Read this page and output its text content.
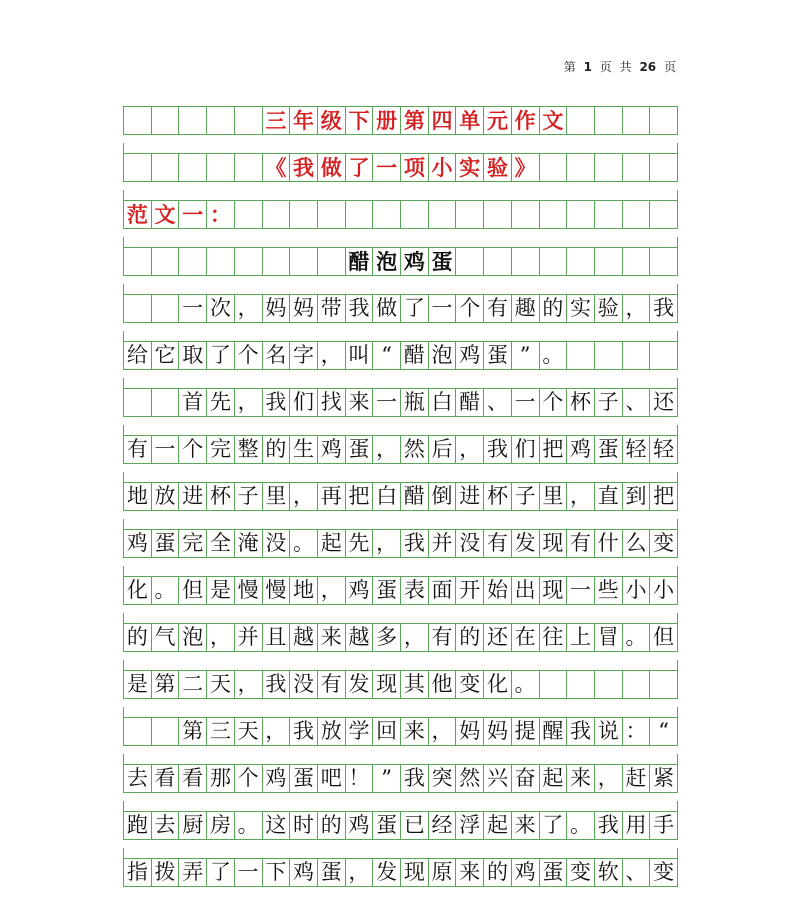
第 1 页 共 26 页
三 年 级 下 册 第 四 单 元 作 文
《 我 做 了 一 项 小 实 验 》
范 文 一 ：
醋 泡 鸡 蛋
一 次 ， 妈 妈 带 我 做 了 一 个 有 趣 的 实 验 ， 我
给 它 取 了 个 名 字 ， 叫 “ 醋 泡 鸡 蛋 ” 。
首 先 ， 我 们 找 来 一 瓶 白 醋 、 一 个 杯 子 、 还
有 一 个 完 整 的 生 鸡 蛋 ， 然 后 ， 我 们 把 鸡 蛋 轻 轻
地 放 进 杯 子 里 ， 再 把 白 醋 倒 进 杯 子 里 ， 直 到 把
鸡 蛋 完 全 淹 没 。 起 先 ， 我 并 没 有 发 现 有 什 么 变
化 。 但 是 慢 慢 地 ， 鸡 蛋 表 面 开 始 出 现 一 些 小 小
的 气 泡 ， 并 且 越 来 越 多 ， 有 的 还 在 往 上 冒 。 但
是 第 二 天 ， 我 没 有 发 现 其 他 变 化 。
第 三 天 ， 我 放 学 回 来 ， 妈 妈 提 醒 我 说 ： “
去 看 看 那 个 鸡 蛋 吧 ！ ” 我 突 然 兴 奋 起 来 ， 赶 紧
跑 去 厨 房 。 这 时 的 鸡 蛋 已 经 浮 起 来 了 。 我 用 手
指 拨 弄 了 一 下 鸡 蛋 ， 发 现 原 来 的 鸡 蛋 变 软 、 变
